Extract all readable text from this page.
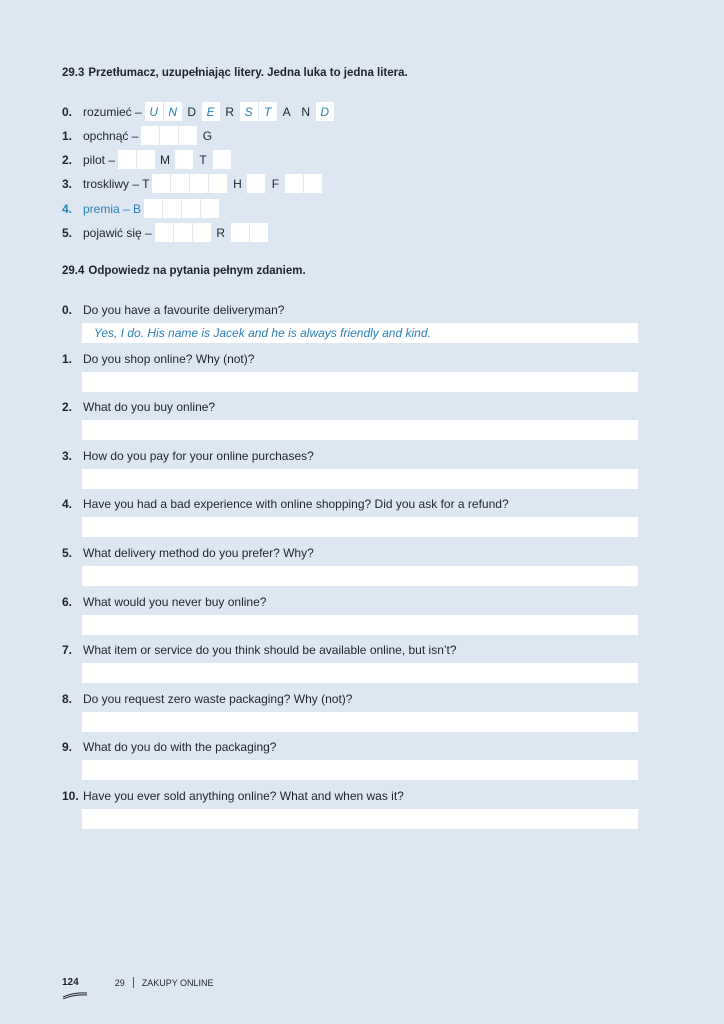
29.3 Przetłumacz, uzupełniając litery. Jedna luka to jedna litera.
0. rozumieć – U N D E R S T A N D
1. opchnąć –	G
2. pilot –	M	T
3. troskliwy – T	H	F
4. premia – B
5. pojawić się –	R
29.4 Odpowiedz na pytania pełnym zdaniem.
0. Do you have a favourite deliveryman?
Yes, I do. His name is Jacek and he is always friendly and kind.
1. Do you shop online? Why (not)?
2. What do you buy online?
3. How do you pay for your online purchases?
4. Have you had a bad experience with online shopping? Did you ask for a refund?
5. What delivery method do you prefer? Why?
6. What would you never buy online?
7. What item or service do you think should be available online, but isn’t?
8. Do you request zero waste packaging? Why (not)?
9. What do you do with the packaging?
10. Have you ever sold anything online? What and when was it?
124	29 ZAKUPY ONLINE
